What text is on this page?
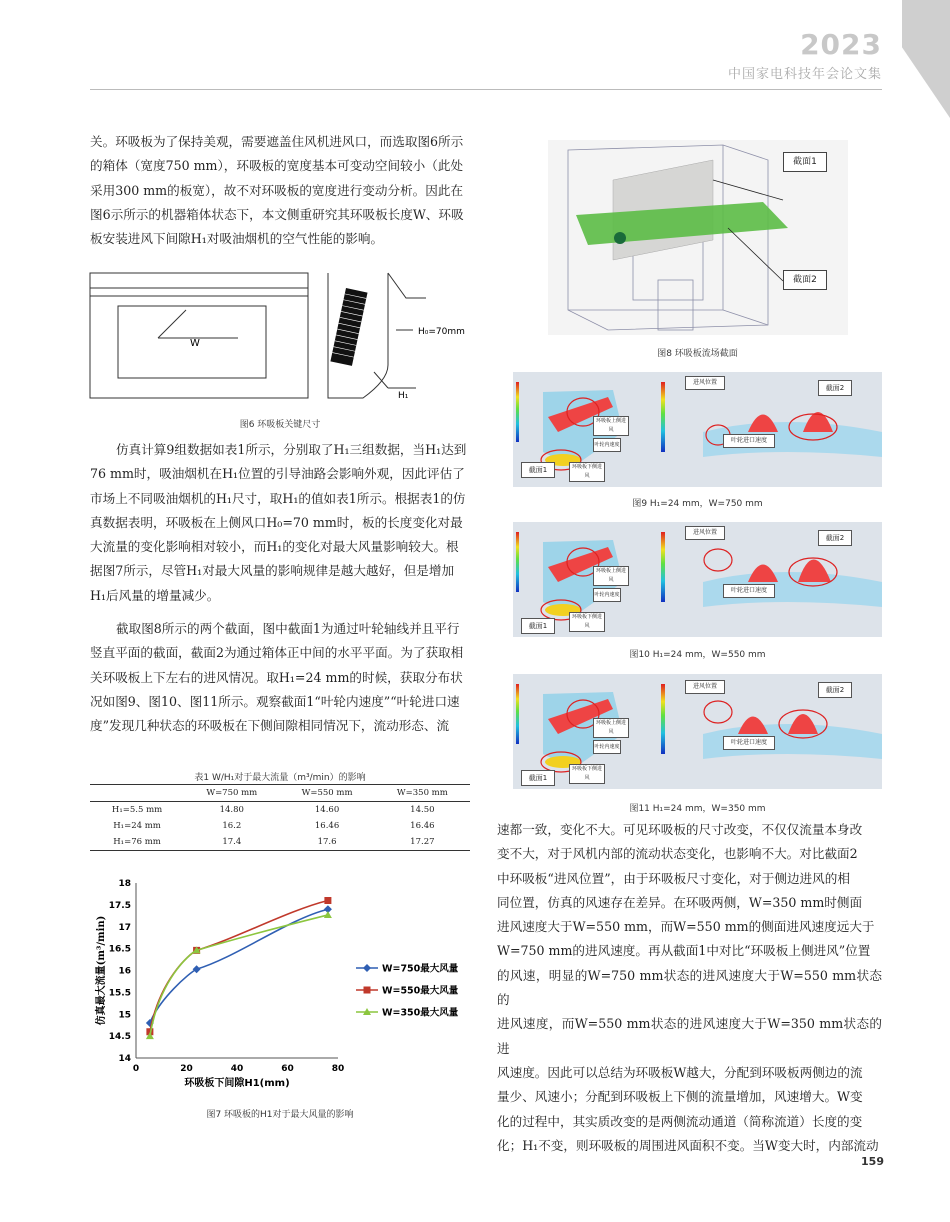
2023
中国家电科技年会论文集

关。环吸板为了保持美观，需要遮盖住风机进风口，而选取图6所示

的箱体（宽度750 mm），环吸板的宽度基本可变动空间较小（此处

采用300 mm的板宽），故不对环吸板的宽度进行变动分析。因此在

图6示所示的机器箱体状态下，本文侧重研究其环吸板长度W、环吸

板安装进风下间隙H₁对吸油烟机的空气性能的影响。

W
H₀=70mm
H₁
图6 环吸板关键尺寸

仿真计算9组数据如表1所示，分别取了H₁三组数据，当H₁达到

76 mm时，吸油烟机在H₁位置的引导油路会影响外观，因此评估了

市场上不同吸油烟机的H₁尺寸，取H₁的值如表1所示。根据表1的仿

真数据表明，环吸板在上侧风口H₀=70 mm时，板的长度变化对最

大流量的变化影响相对较小，而H₁的变化对最大风量影响较大。根

据图7所示，尽管H₁对最大风量的影响规律是越大越好，但是增加

H₁后风量的增量减少。

截取图8所示的两个截面，图中截面1为通过叶轮轴线并且平行

竖直平面的截面，截面2为通过箱体正中间的水平平面。为了获取相

关环吸板上下左右的进风情况。取H₁=24 mm的时候，获取分布状

况如图9、图10、图11所示。观察截面1“叶轮内速度”“叶轮进口速

度”发现几种状态的环吸板在下侧间隙相同情况下，流动形态、流

表1 W/H₁对于最大流量（m³/min）的影响
	W=750 mm	W=550 mm	W=350 mm
H₁=5.5 mm	14.80	14.60	14.50
H₁=24 mm	16.2	16.46	16.46
H₁=76 mm	17.4	17.6	17.27
14
14.5
15
15.5
16
16.5
17
17.5
18
0	20	40	60	80
环吸板下间隙H1(mm)
仿真最大流量(m³/min)	W=750最大风量
W=550最大风量
W=350最大风量
图7 环吸板的H1对于最大风量的影响
截面1
截面2
图8 环吸板流场截面
截面1
截面2
进风位置
叶轮进口速度
环吸板上侧进风
叶轮内速度
环吸板下侧进风
图9 H₁=24 mm，W=750 mm
截面1
截面2
进风位置
叶轮进口速度
环吸板上侧进风
叶轮内速度
环吸板下侧进风
图10 H₁=24 mm，W=550 mm
截面1
截面2
进风位置
叶轮进口速度
环吸板上侧进风
叶轮内速度
环吸板下侧进风
图11 H₁=24 mm，W=350 mm

速都一致，变化不大。可见环吸板的尺寸改变，不仅仅流量本身改

变不大，对于风机内部的流动状态变化，也影响不大。对比截面2

中环吸板“进风位置”，由于环吸板尺寸变化，对于侧边进风的相

同位置，仿真的风速存在差异。在环吸两侧，W=350 mm时侧面

进风速度大于W=550 mm，而W=550 mm的侧面进风速度远大于

W=750 mm的进风速度。再从截面1中对比“环吸板上侧进风”位置

的风速，明显的W=750 mm状态的进风速度大于W=550 mm状态的

进风速度，而W=550 mm状态的进风速度大于W=350 mm状态的进

风速度。因此可以总结为环吸板W越大，分配到环吸板两侧边的流

量少、风速小；分配到环吸板上下侧的流量增加，风速增大。W变

化的过程中，其实质改变的是两侧流动通道（简称流道）长度的变

化；H₁不变，则环吸板的周围进风面积不变。当W变大时，内部流动

159
